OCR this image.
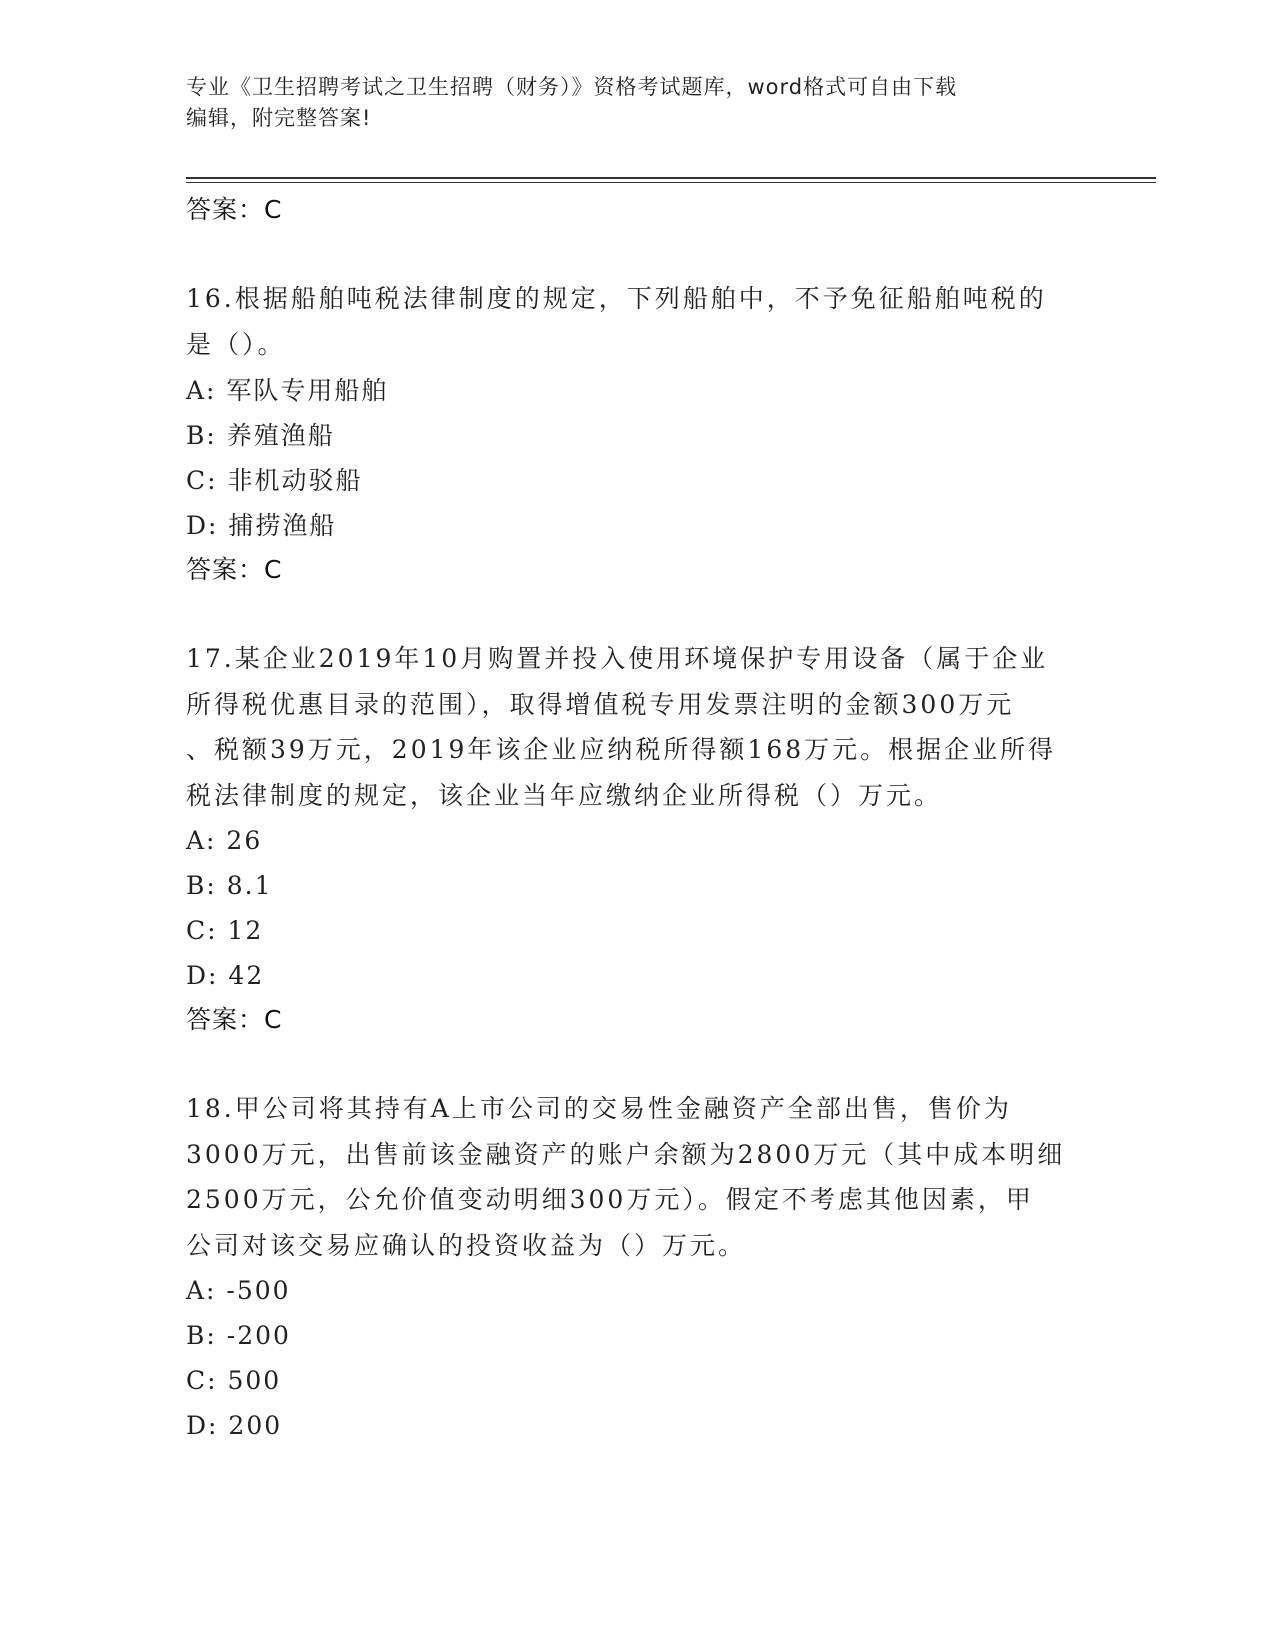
专业《卫生招聘考试之卫生招聘（财务）》资格考试题库，word格式可自由下载
编辑，附完整答案!
答案：C
16.根据船舶吨税法律制度的规定，下列船舶中，不予免征船舶吨税的
是（）。
A: 军队专用船舶
B: 养殖渔船
C: 非机动驳船
D: 捕捞渔船
答案：C
17.某企业2019年10月购置并投入使用环境保护专用设备（属于企业
所得税优惠目录的范围），取得增值税专用发票注明的金额300万元
、税额39万元，2019年该企业应纳税所得额168万元。根据企业所得
税法律制度的规定，该企业当年应缴纳企业所得税（）万元。
A: 26
B: 8.1
C: 12
D: 42
答案：C
18.甲公司将其持有A上市公司的交易性金融资产全部出售，售价为
3000万元，出售前该金融资产的账户余额为2800万元（其中成本明细
2500万元，公允价值变动明细300万元）。假定不考虑其他因素，甲
公司对该交易应确认的投资收益为（）万元。
A: -500
B: -200
C: 500
D: 200
